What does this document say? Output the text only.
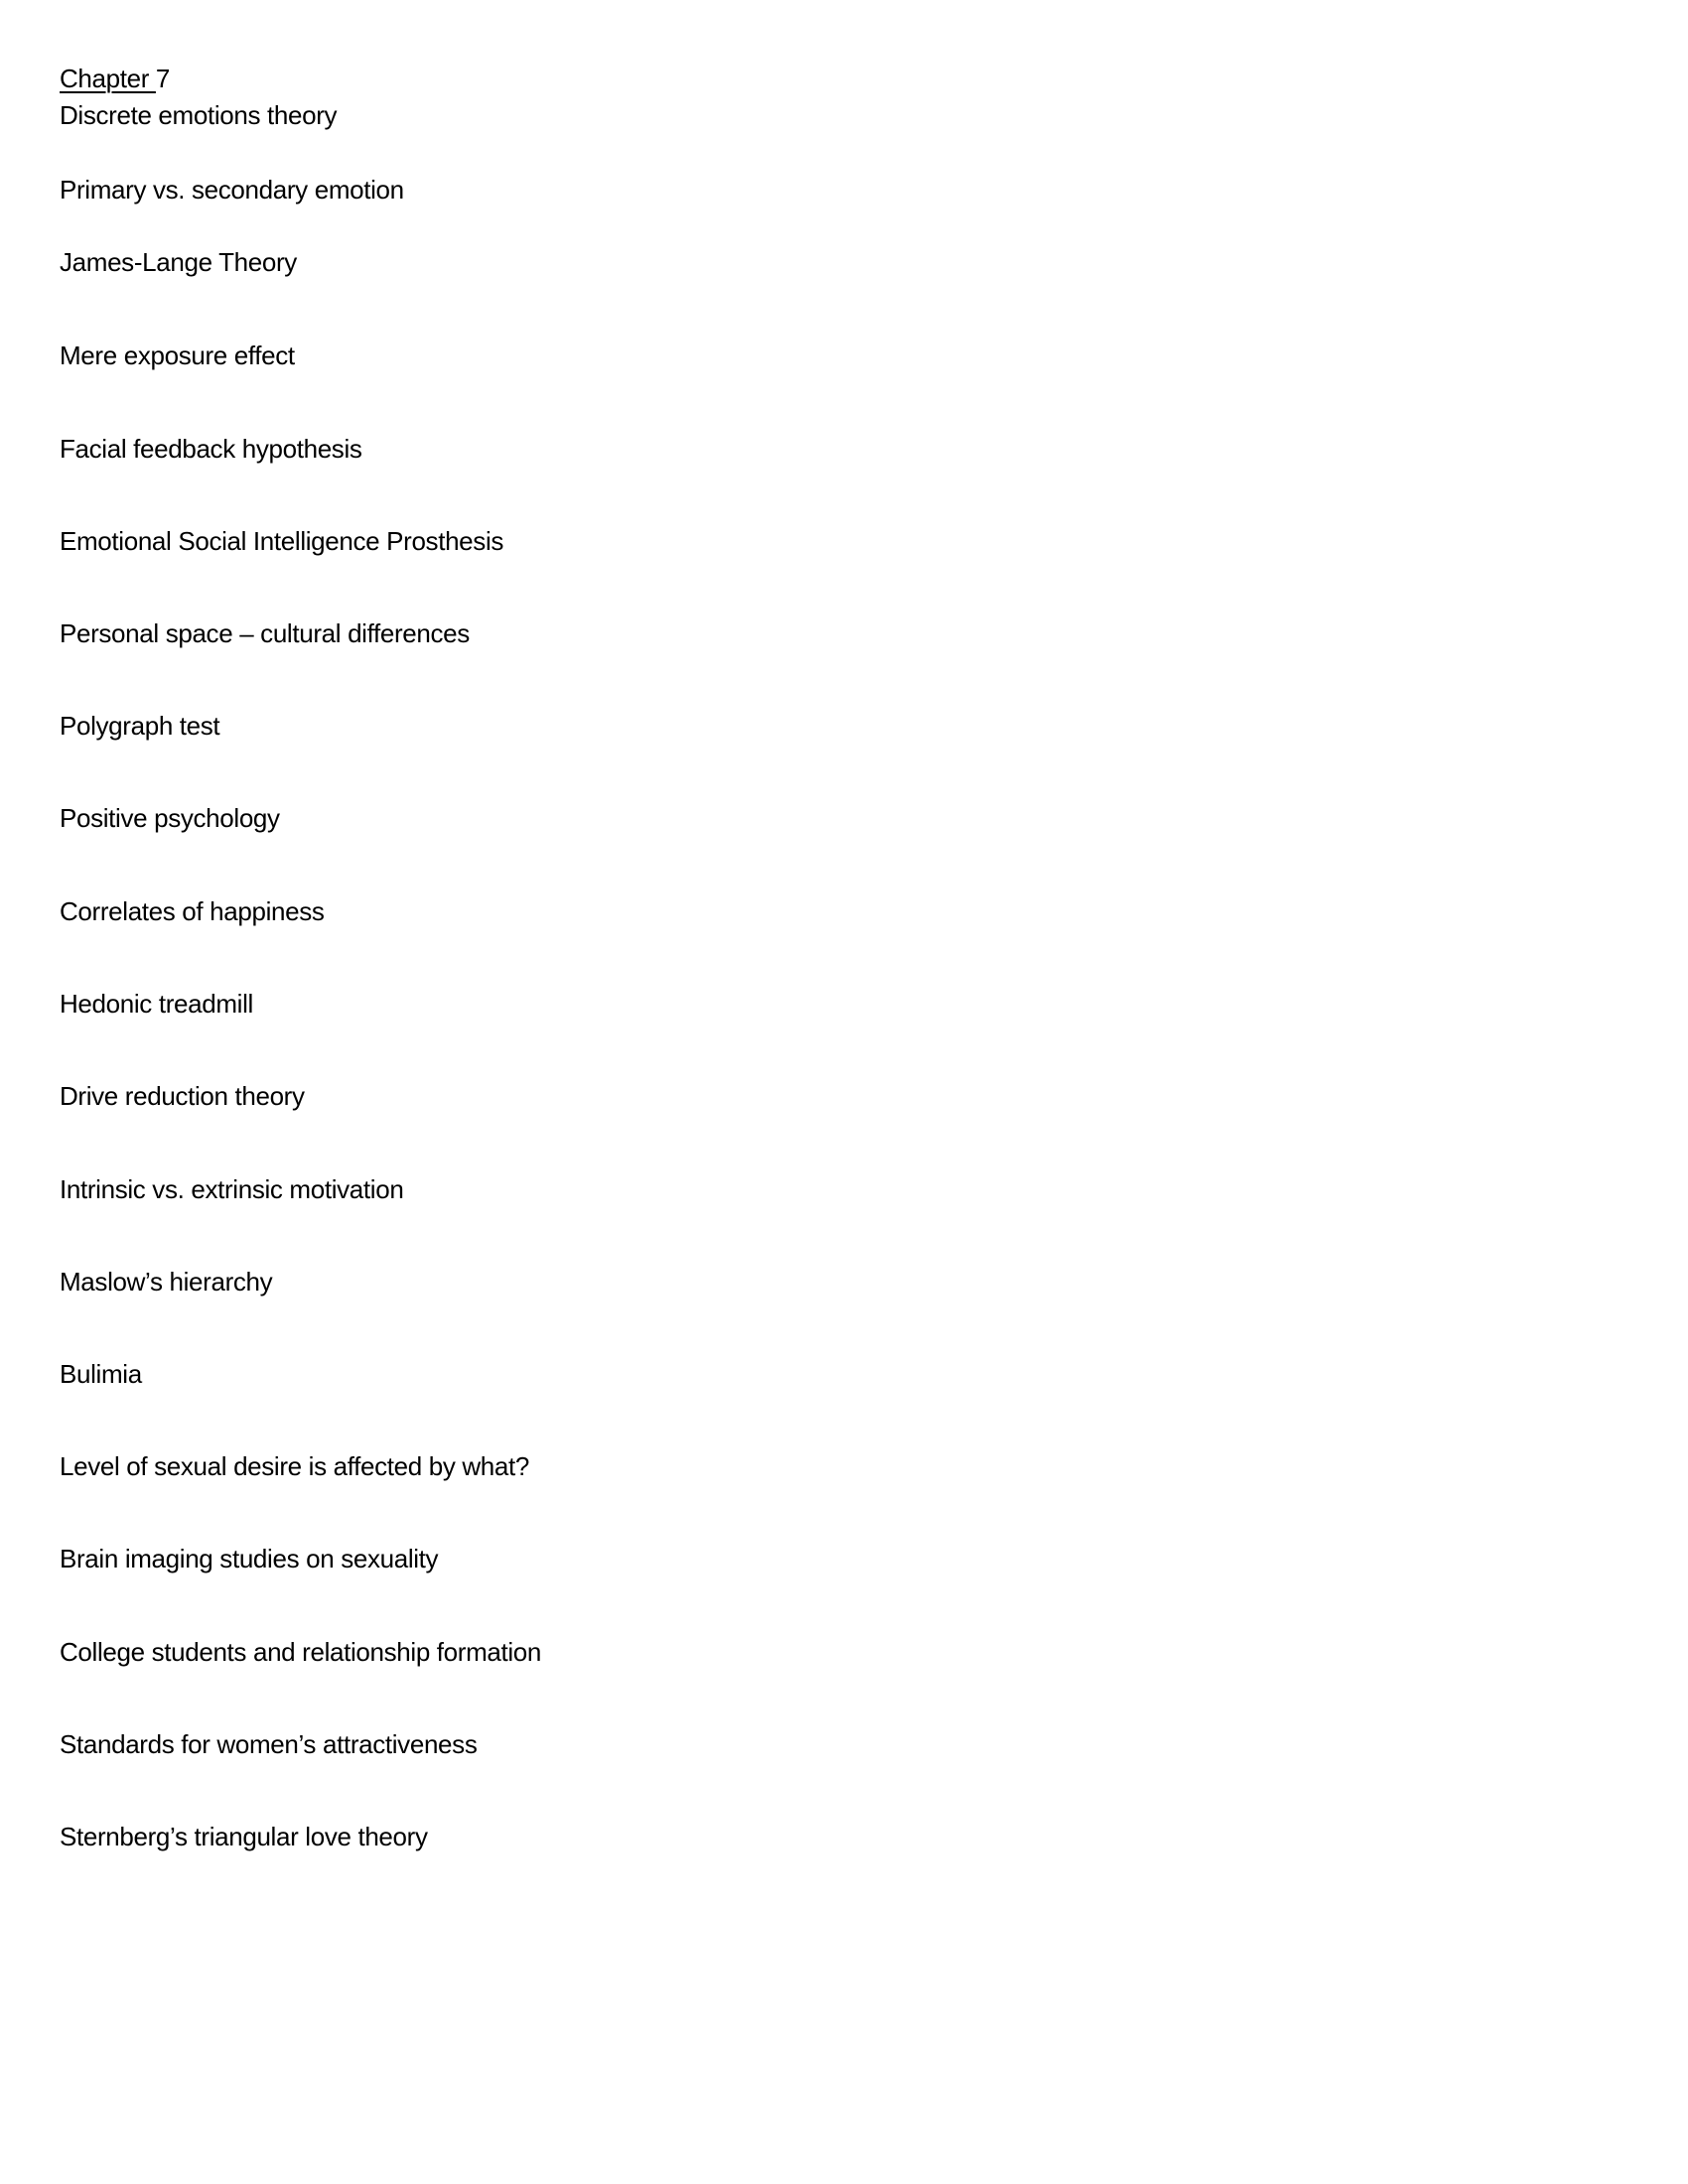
Chapter 7
Discrete emotions theory
Primary vs. secondary emotion
James-Lange Theory
Mere exposure effect
Facial feedback hypothesis
Emotional Social Intelligence Prosthesis
Personal space – cultural differences
Polygraph test
Positive psychology
Correlates of happiness
Hedonic treadmill
Drive reduction theory
Intrinsic vs. extrinsic motivation
Maslow’s hierarchy
Bulimia
Level of sexual desire is affected by what?
Brain imaging studies on sexuality
College students and relationship formation
Standards for women’s attractiveness
Sternberg’s triangular love theory
